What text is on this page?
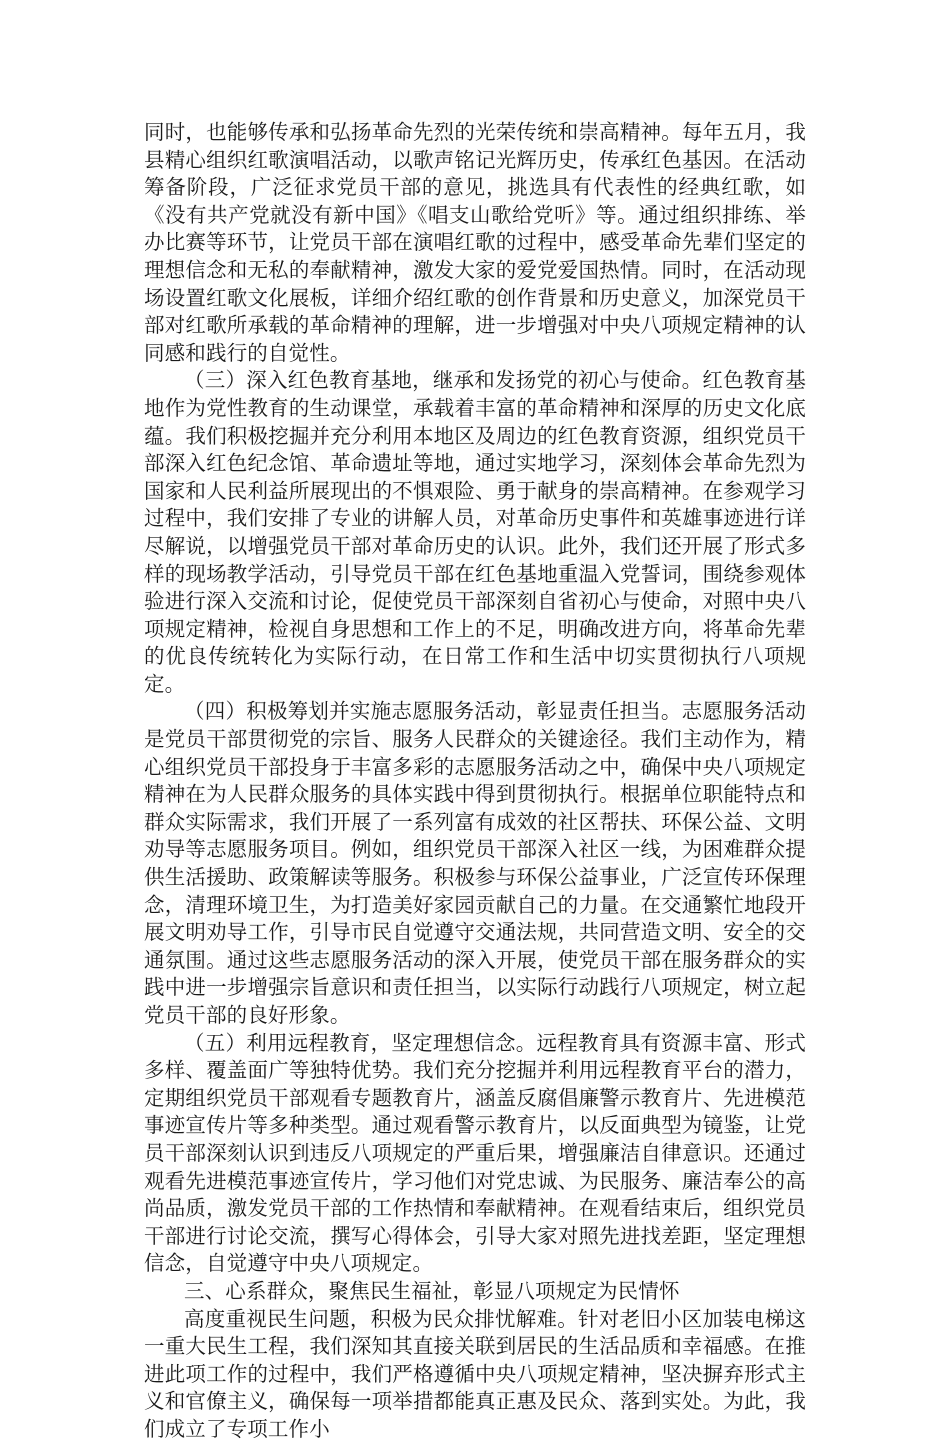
同时，也能够传承和弘扬革命先烈的光荣传统和崇高精神。每年五月，我县精心组织红歌演唱活动，以歌声铭记光辉历史，传承红色基因。在活动筹备阶段，广泛征求党员干部的意见，挑选具有代表性的经典红歌，如《没有共产党就没有新中国》《唱支山歌给党听》等。通过组织排练、举办比赛等环节，让党员干部在演唱红歌的过程中，感受革命先辈们坚定的理想信念和无私的奉献精神，激发大家的爱党爱国热情。同时，在活动现场设置红歌文化展板，详细介绍红歌的创作背景和历史意义，加深党员干部对红歌所承载的革命精神的理解，进一步增强对中央八项规定精神的认同感和践行的自觉性。

（三）深入红色教育基地，继承和发扬党的初心与使命。红色教育基地作为党性教育的生动课堂，承载着丰富的革命精神和深厚的历史文化底蕴。我们积极挖掘并充分利用本地区及周边的红色教育资源，组织党员干部深入红色纪念馆、革命遗址等地，通过实地学习，深刻体会革命先烈为国家和人民利益所展现出的不惧艰险、勇于献身的崇高精神。在参观学习过程中，我们安排了专业的讲解人员，对革命历史事件和英雄事迹进行详尽解说，以增强党员干部对革命历史的认识。此外，我们还开展了形式多样的现场教学活动，引导党员干部在红色基地重温入党誓词，围绕参观体验进行深入交流和讨论，促使党员干部深刻自省初心与使命，对照中央八项规定精神，检视自身思想和工作上的不足，明确改进方向，将革命先辈的优良传统转化为实际行动，在日常工作和生活中切实贯彻执行八项规定。

（四）积极筹划并实施志愿服务活动，彰显责任担当。志愿服务活动是党员干部贯彻党的宗旨、服务人民群众的关键途径。我们主动作为，精心组织党员干部投身于丰富多彩的志愿服务活动之中，确保中央八项规定精神在为人民群众服务的具体实践中得到贯彻执行。根据单位职能特点和群众实际需求，我们开展了一系列富有成效的社区帮扶、环保公益、文明劝导等志愿服务项目。例如，组织党员干部深入社区一线，为困难群众提供生活援助、政策解读等服务。积极参与环保公益事业，广泛宣传环保理念，清理环境卫生，为打造美好家园贡献自己的力量。在交通繁忙地段开展文明劝导工作，引导市民自觉遵守交通法规，共同营造文明、安全的交通氛围。通过这些志愿服务活动的深入开展，使党员干部在服务群众的实践中进一步增强宗旨意识和责任担当，以实际行动践行八项规定，树立起党员干部的良好形象。

（五）利用远程教育，坚定理想信念。远程教育具有资源丰富、形式多样、覆盖面广等独特优势。我们充分挖掘并利用远程教育平台的潜力，定期组织党员干部观看专题教育片，涵盖反腐倡廉警示教育片、先进模范事迹宣传片等多种类型。通过观看警示教育片，以反面典型为镜鉴，让党员干部深刻认识到违反八项规定的严重后果，增强廉洁自律意识。还通过观看先进模范事迹宣传片，学习他们对党忠诚、为民服务、廉洁奉公的高尚品质，激发党员干部的工作热情和奉献精神。在观看结束后，组织党员干部进行讨论交流，撰写心得体会，引导大家对照先进找差距，坚定理想信念，自觉遵守中央八项规定。

三、心系群众，聚焦民生福祉，彰显八项规定为民情怀

高度重视民生问题，积极为民众排忧解难。针对老旧小区加装电梯这一重大民生工程，我们深知其直接关联到居民的生活品质和幸福感。在推进此项工作的过程中，我们严格遵循中央八项规定精神，坚决摒弃形式主义和官僚主义，确保每一项举措都能真正惠及民众、落到实处。为此，我们成立了专项工作小
